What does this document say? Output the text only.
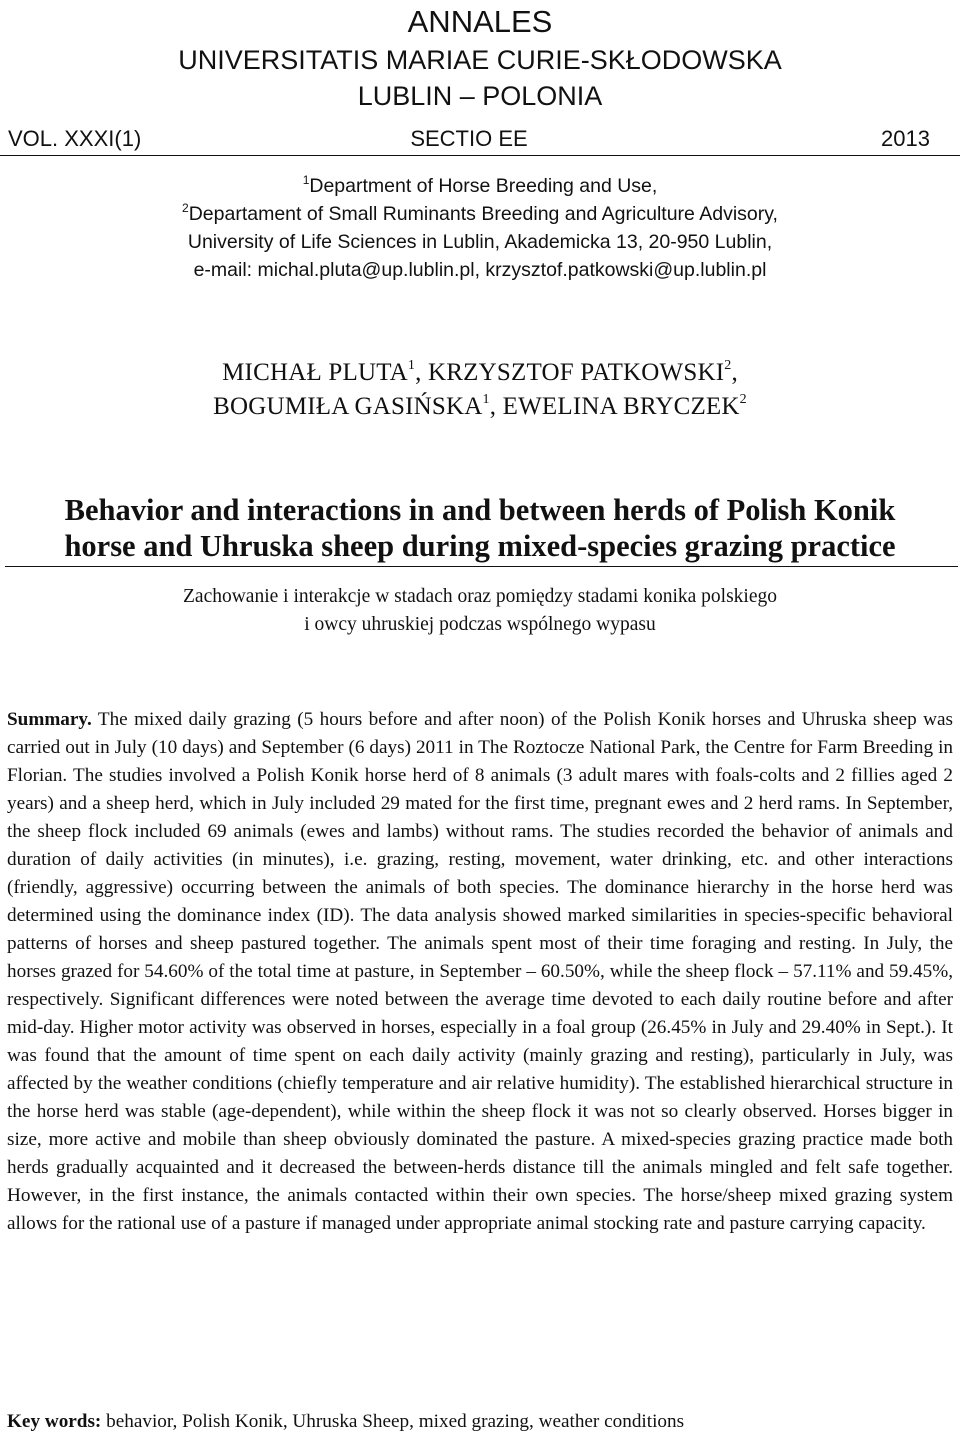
ANNALES
UNIVERSITATIS MARIAE CURIE-SKŁODOWSKA
LUBLIN – POLONIA
SECTIO EE
VOL. XXXI(1)	2013
$^1$Department of Horse Breeding and Use,
$^2$Departament of Small Ruminants Breeding and Agriculture Advisory,
University of Life Sciences in Lublin, Akademicka 13, 20-950 Lublin,
e-mail: michal.pluta@up.lublin.pl, krzysztof.patkowski@up.lublin.pl
MICHAŁ PLUTA$^1$, KRZYSZTOF PATKOWSKI$^2$,
BOGUMIŁA GASIŃSKA$^1$, EWELINA BRYCZEK$^2$
Behavior and interactions in and between herds of Polish Konik
horse and Uhruska sheep during mixed-species grazing practice
Zachowanie i interakcje w stadach oraz pomiędzy stadami konika polskiego
i owcy uhruskiej podczas wspólnego wypasu
Summary. The mixed daily grazing (5 hours before and after noon) of the Polish Konik horses and Uhruska sheep was carried out in July (10 days) and September (6 days) 2011 in The Roztocze National Park, the Centre for Farm Breeding in Florian. The studies involved a Polish Konik horse herd of 8 animals (3 adult mares with foals-colts and 2 fillies aged 2 years) and a sheep herd, which in July included 29 mated for the first time, pregnant ewes and 2 herd rams. In September, the sheep flock included 69 animals (ewes and lambs) without rams. The studies recorded the behavior of animals and duration of daily activities (in minutes), i.e. grazing, resting, movement, water drinking, etc. and other interactions (friendly, aggressive) occurring between the animals of both species. The dominance hierarchy in the horse herd was determined using the dominance index (ID). The data analysis showed marked similarities in species-specific behavioral patterns of horses and sheep pastured together. The animals spent most of their time foraging and resting. In July, the horses grazed for 54.60% of the total time at pasture, in September – 60.50%, while the sheep flock – 57.11% and 59.45%, respectively. Significant differences were noted between the average time devoted to each daily routine before and after mid-day. Higher motor activity was observed in horses, especially in a foal group (26.45% in July and 29.40% in Sept.). It was found that the amount of time spent on each daily activity (mainly grazing and resting), particularly in July, was affected by the weather conditions (chiefly temperature and air relative humidity). The established hierarchical structure in the horse herd was stable (age-dependent), while within the sheep flock it was not so clearly observed. Horses bigger in size, more active and mobile than sheep obviously dominated the pasture. A mixed-species grazing practice made both herds gradually acquainted and it decreased the between-herds distance till the animals mingled and felt safe together. However, in the first instance, the animals contacted within their own species. The horse/sheep mixed grazing system allows for the rational use of a pasture if managed under appropriate animal stocking rate and pasture carrying capacity.
Key words: behavior, Polish Konik, Uhruska Sheep, mixed grazing, weather conditions
